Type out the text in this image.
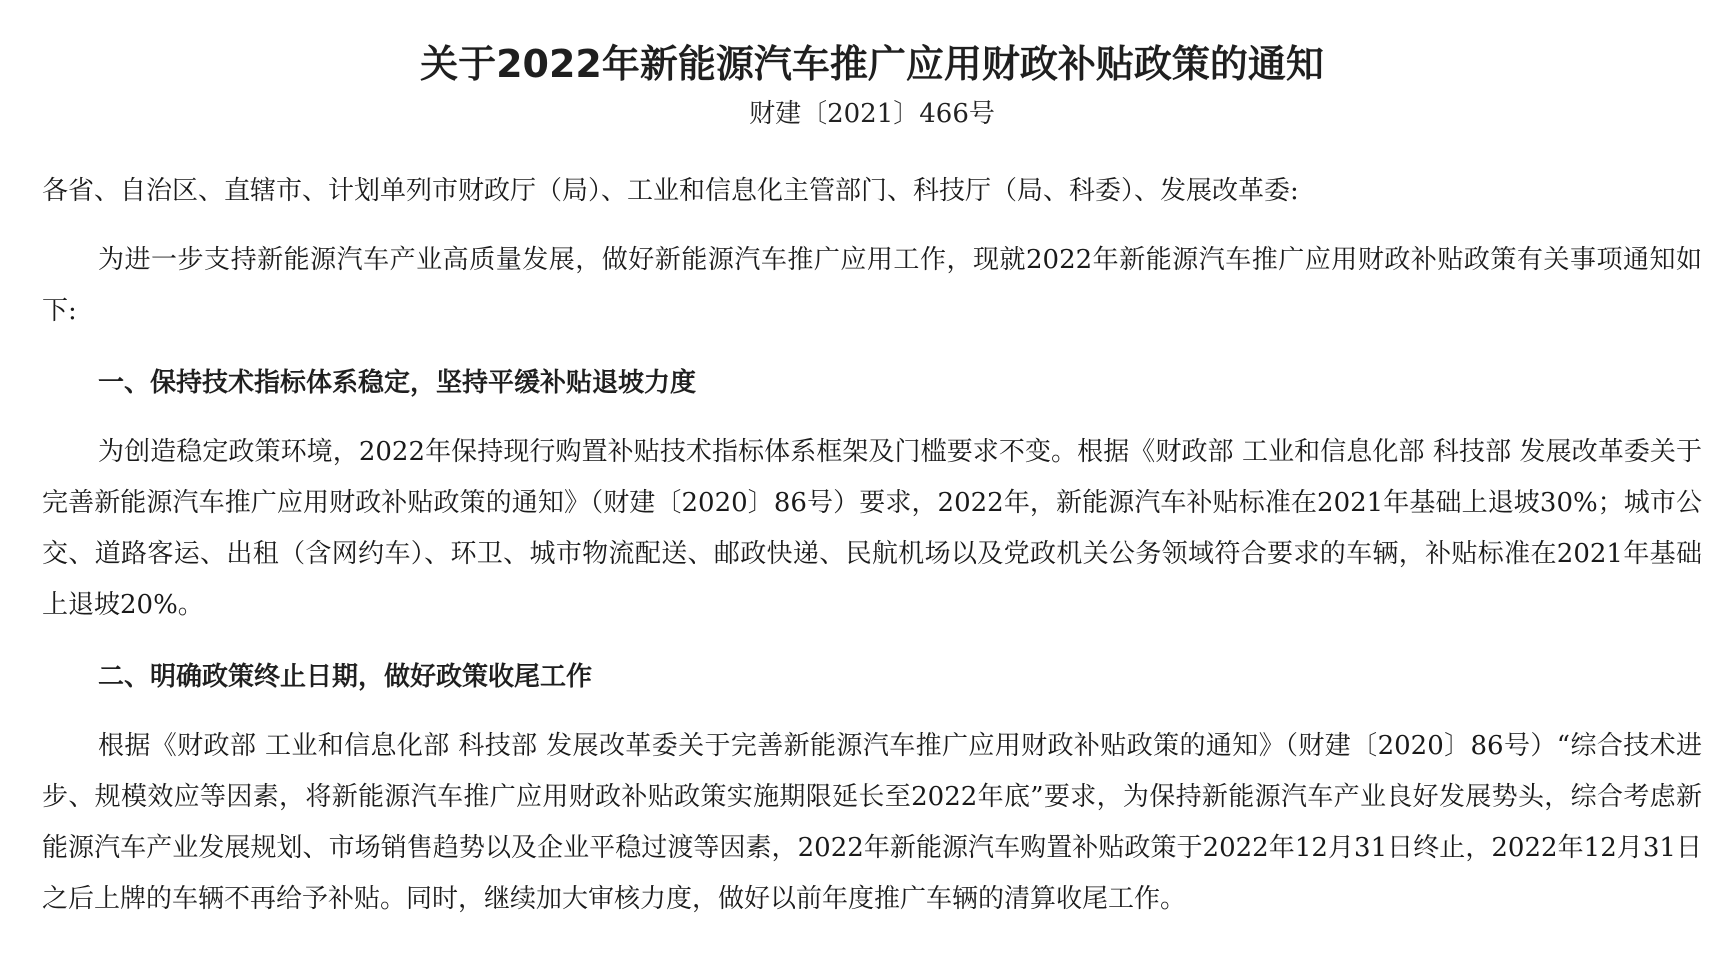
关于2022年新能源汽车推广应用财政补贴政策的通知
财建〔2021〕466号

各省、自治区、直辖市、计划单列市财政厅（局）、工业和信息化主管部门、科技厅（局、科委）、发展改革委:

为进一步支持新能源汽车产业高质量发展，做好新能源汽车推广应用工作，现就2022年新能源汽车推广应用财政补贴政策有关事项通知如下:

一、保持技术指标体系稳定，坚持平缓补贴退坡力度

为创造稳定政策环境，2022年保持现行购置补贴技术指标体系框架及门槛要求不变。根据《财政部 工业和信息化部 科技部 发展改革委关于完善新能源汽车推广应用财政补贴政策的通知》（财建〔2020〕86号）要求，2022年，新能源汽车补贴标准在2021年基础上退坡30%；城市公交、道路客运、出租（含网约车）、环卫、城市物流配送、邮政快递、民航机场以及党政机关公务领域符合要求的车辆，补贴标准在2021年基础上退坡20%。

二、明确政策终止日期，做好政策收尾工作

根据《财政部 工业和信息化部 科技部 发展改革委关于完善新能源汽车推广应用财政补贴政策的通知》（财建〔2020〕86号）“综合技术进步、规模效应等因素，将新能源汽车推广应用财政补贴政策实施期限延长至2022年底”要求，为保持新能源汽车产业良好发展势头，综合考虑新能源汽车产业发展规划、市场销售趋势以及企业平稳过渡等因素，2022年新能源汽车购置补贴政策于2022年12月31日终止，2022年12月31日之后上牌的车辆不再给予补贴。同时，继续加大审核力度，做好以前年度推广车辆的清算收尾工作。
